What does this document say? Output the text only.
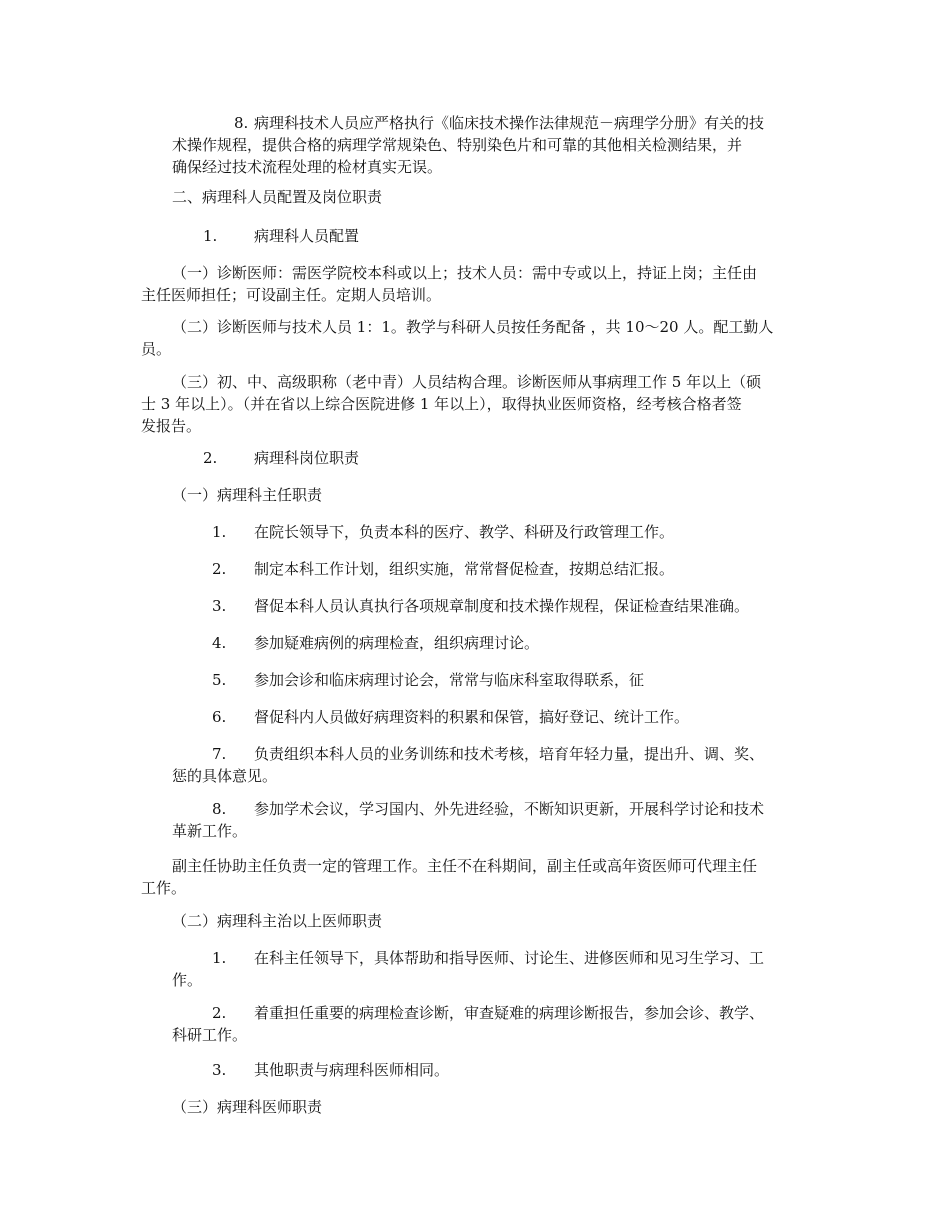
8. 病理科技术人员应严格执行《临床技术操作法律规范－病理学分册》有关的技
术操作规程，提供合格的病理学常规染色、特别染色片和可靠的其他相关检测结果，并
确保经过技术流程处理的检材真实无误。
二、病理科人员配置及岗位职责
1. 病理科人员配置
（一）诊断医师：需医学院校本科或以上；技术人员：需中专或以上，持证上岗；主任由
主任医师担任；可设副主任。定期人员培训。
（二）诊断医师与技术人员 1：1。教学与科研人员按任务配备 ，共 10～20 人。配工勤人
员。
（三）初、中、高级职称（老中青）人员结构合理。诊断医师从事病理工作 5 年以上（硕
士 3 年以上）。（并在省以上综合医院进修 1 年以上），取得执业医师资格，经考核合格者签
发报告。
2. 病理科岗位职责
（一）病理科主任职责
1. 在院长领导下，负责本科的医疗、教学、科研及行政管理工作。
2. 制定本科工作计划，组织实施，常常督促检查，按期总结汇报。
3. 督促本科人员认真执行各项规章制度和技术操作规程，保证检查结果准确。
4. 参加疑难病例的病理检查，组织病理讨论。
5. 参加会诊和临床病理讨论会，常常与临床科室取得联系，征
6. 督促科内人员做好病理资料的积累和保管，搞好登记、统计工作。
7. 负责组织本科人员的业务训练和技术考核，培育年轻力量，提出升、调、奖、
惩的具体意见。
8. 参加学术会议，学习国内、外先进经验，不断知识更新，开展科学讨论和技术
革新工作。
副主任协助主任负责一定的管理工作。主任不在科期间，副主任或高年资医师可代理主任
工作。
（二）病理科主治以上医师职责
1. 在科主任领导下，具体帮助和指导医师、讨论生、进修医师和见习生学习、工
作。
2. 着重担任重要的病理检查诊断，审查疑难的病理诊断报告，参加会诊、教学、
科研工作。
3. 其他职责与病理科医师相同。
（三）病理科医师职责
